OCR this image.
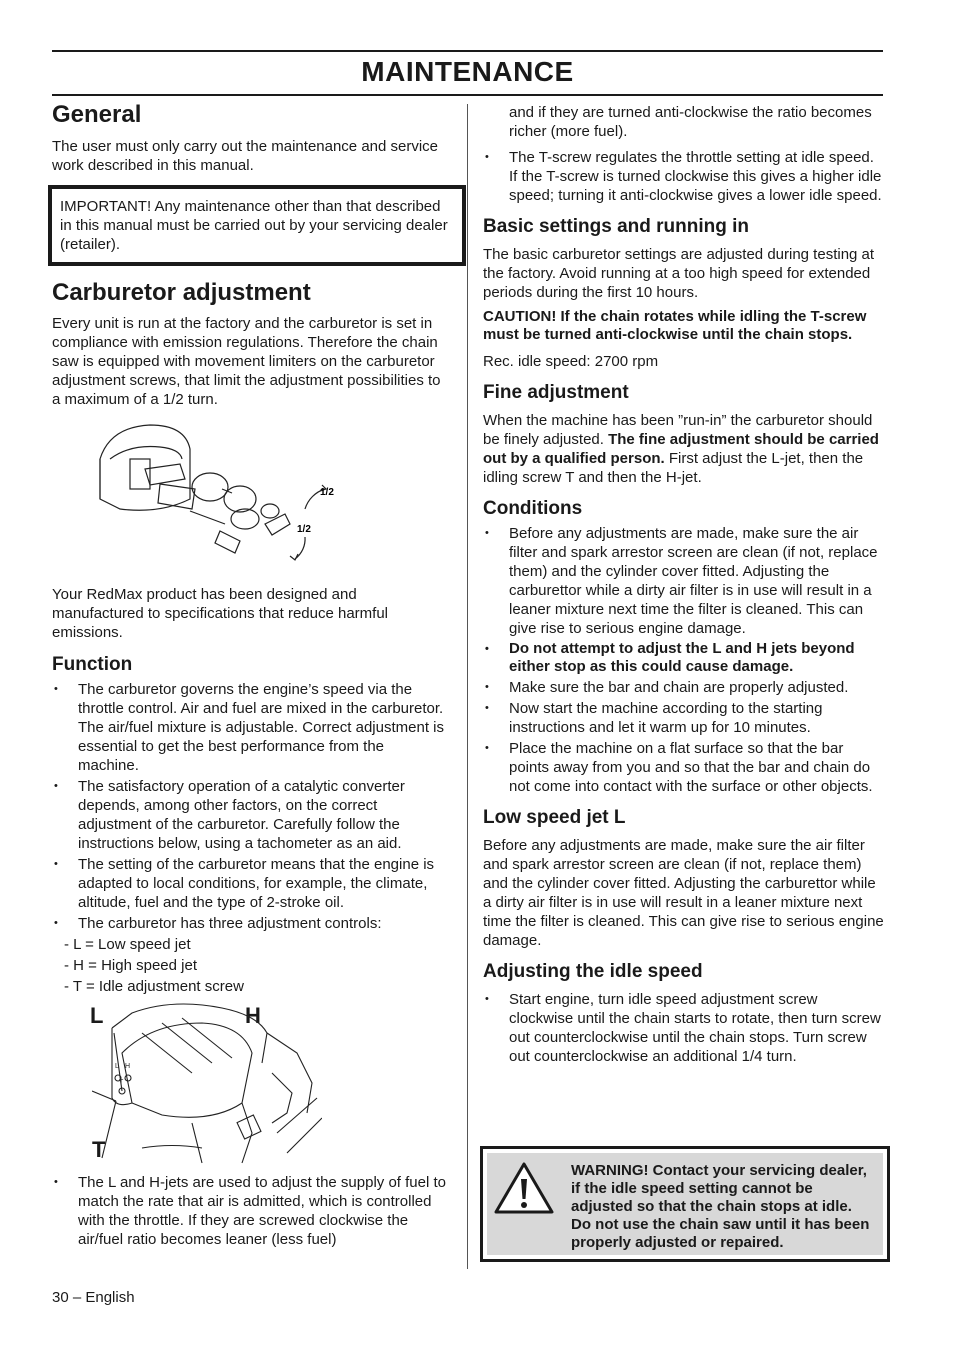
MAINTENANCE
General

The user must only carry out the maintenance and service work described in this manual.

IMPORTANT! Any maintenance other than that described in this manual must be carried out by your servicing dealer (retailer).

Carburetor adjustment

Every unit is run at the factory and the carburetor is set in compliance with emission regulations. Therefore the chain saw is equipped with movement limiters on the carburetor adjustment screws, that limit the adjustment possibilities to a maximum of a 1/2 turn.

1/2
1/2

Your RedMax product has been designed and manufactured to specifications that reduce harmful emissions.

Function
• The carburetor governs the engine’s speed via the throttle control. Air and fuel are mixed in the carburetor. The air/fuel mixture is adjustable. Correct adjustment is essential to get the best performance from the machine.
• The satisfactory operation of a catalytic converter depends, among other factors, on the correct adjustment of the carburetor. Carefully follow the instructions below, using a tachometer as an aid.
• The setting of the carburetor means that the engine is adapted to local conditions, for example, the climate, altitude, fuel and the type of 2-stroke oil.
• The carburetor has three adjustment controls:
- L = Low speed jet
- H = High speed jet
- T = Idle adjustment screw
L	H
T
L H
T
• The L and H-jets are used to adjust the supply of fuel to match the rate that air is admitted, which is controlled with the throttle. If they are screwed clockwise the air/fuel ratio becomes leaner (less fuel)

and if they are turned anti-clockwise the ratio becomes richer (more fuel).

• The T-screw regulates the throttle setting at idle speed. If the T-screw is turned clockwise this gives a higher idle speed; turning it anti-clockwise gives a lower idle speed.
Basic settings and running in

The basic carburetor settings are adjusted during testing at the factory. Avoid running at a too high speed for extended periods during the first 10 hours.

CAUTION! If the chain rotates while idling the T-screw must be turned anti-clockwise until the chain stops.

Rec. idle speed: 2700 rpm

Fine adjustment

When the machine has been ”run-in” the carburetor should be finely adjusted. The fine adjustment should be carried out by a qualified person. First adjust the L-jet, then the idling screw T and then the H-jet.

Conditions
• Before any adjustments are made, make sure the air filter and spark arrestor screen are clean (if not, replace them) and the cylinder cover fitted. Adjusting the carburettor while a dirty air filter is in use will result in a leaner mixture next time the filter is cleaned. This can give rise to serious engine damage.
• Do not attempt to adjust the L and H jets beyond either stop as this could cause damage.
• Make sure the bar and chain are properly adjusted.
• Now start the machine according to the starting instructions and let it warm up for 10 minutes.
• Place the machine on a flat surface so that the bar points away from you and so that the bar and chain do not come into contact with the surface or other objects.
Low speed jet L

Before any adjustments are made, make sure the air filter and spark arrestor screen are clean (if not, replace them) and the cylinder cover fitted. Adjusting the carburettor while a dirty air filter is in use will result in a leaner mixture next time the filter is cleaned. This can give rise to serious engine damage.

Adjusting the idle speed
• Start engine, turn idle speed adjustment screw clockwise until the chain starts to rotate, then turn screw out counterclockwise until the chain stops. Turn screw out counterclockwise an additional 1/4 turn.
WARNING! Contact your servicing dealer, if the idle speed setting cannot be adjusted so that the chain stops at idle. Do not use the chain saw until it has been properly adjusted or repaired.
30 – English
